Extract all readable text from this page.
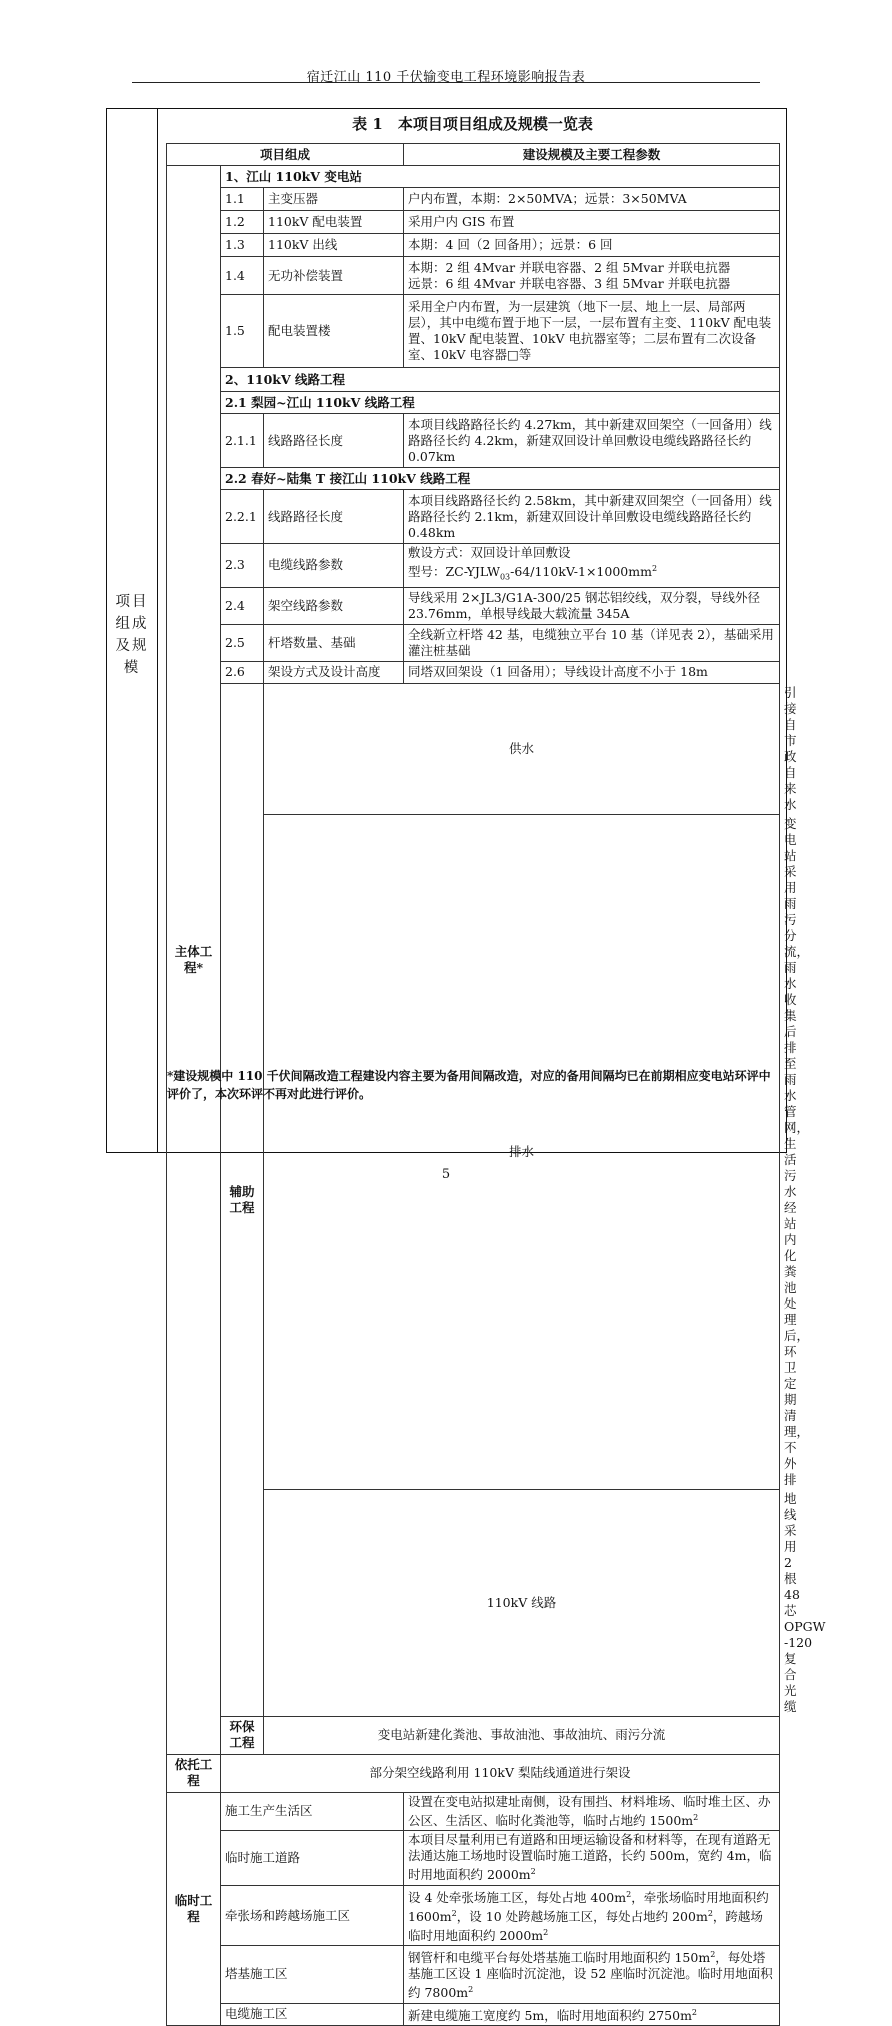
宿迁江山 110 千伏输变电工程环境影响报告表
项目组成及规模
表 1　本项目项目组成及规模一览表
项目组成			建设规模及主要工程参数	
主体工程*	1、江山 110kV 变电站			
	1.1	主变压器	户内布置，本期：2×50MVA；远景：3×50MVA	
	1.2	110kV 配电装置	采用户内 GIS 布置	
	1.3	110kV 出线	本期：4 回（2 回备用）；远景：6 回	
	1.4	无功补偿装置	本期：2 组 4Mvar 并联电容器、2 组 5Mvar 并联电抗器
远景：6 组 4Mvar 并联电容器、3 组 5Mvar 并联电抗器	
	1.5	配电装置楼	采用全户内布置，为一层建筑（地下一层、地上一层、局部两层），其中电缆布置于地下一层，一层布置有主变、110kV 配电装置、10kV 配电装置、10kV 电抗器室等；二层布置有二次设备室、10kV 电容器□等	
	2、110kV 线路工程			
	2.1 梨园~江山 110kV 线路工程			
	2.1.1	线路路径长度	本项目线路路径长约 4.27km，其中新建双回架空（一回备用）线路路径长约 4.2km，新建双回设计单回敷设电缆线路路径长约 0.07km	
	2.2 春好~陆集 T 接江山 110kV 线路工程			
	2.2.1	线路路径长度	本项目线路路径长约 2.58km，其中新建双回架空（一回备用）线路路径长约 2.1km，新建双回设计单回敷设电缆线路路径长约 0.48km	
	2.3	电缆线路参数	敷设方式：双回设计单回敷设
型号：$ZC-YJLW_{03}-64/110kV-1\times 1000mm^2$
	2.4	架空线路参数	导线采用 2×JL3/G1A-300/25 钢芯铝绞线，双分裂，导线外径 23.76mm，单根导线最大载流量 345A	
	2.5	杆塔数量、基础	全线新立杆塔 42 基，电缆独立平台 10 基（详见表 2），基础采用灌注桩基础	
	2.6	架设方式及设计高度	同塔双回架设（1 回备用）；导线设计高度不小于 18m	
	辅助工程	供水		引接自市政自来水
		排水		变电站采用雨污分流，雨水收集后排至雨水管网，生活污水经站内化粪池处理后，环卫定期清理，不外排
		110kV 线路		地线采用 2 根 48 芯 OPGW -120 复合光缆
	环保工程	变电站新建化粪池、事故油池、事故油坑、雨污分流		
依托工程	部分架空线路利用 110kV 梨陆线通道进行架设			
临时工程	施工生产生活区		设置在变电站拟建址南侧，设有围挡、材料堆场、临时堆土区、办公区、生活区、临时化粪池等，临时占地约 $1500m^2$
	临时施工道路		本项目尽量利用已有道路和田埂运输设备和材料等，在现有道路无法通达施工场地时设置临时施工道路，长约 500m，宽约 4m，临时用地面积约 $2000m^2$
	牵张场和跨越场施工区		设 4 处牵张场施工区，每处占地 $400m^2$，牵张场临时用地面积约 $1600m^2$，设 10 处跨越场施工区，每处占地约 $200m^2$，跨越场临时用地面积约 $2000m^2$
	塔基施工区		钢管杆和电缆平台每处塔基施工临时用地面积约 $150m^2$，每处塔基施工区设 1 座临时沉淀池，设 52 座临时沉淀池。临时用地面积约 $7800m^2$
	电缆施工区		新建电缆施工宽度约 5m，临时用地面积约 $2750m^2$
*建设规模中 110 千伏间隔改造工程建设内容主要为备用间隔改造，对应的备用间隔均已在前期相应变电站环评中评价了，本次环评不再对此进行评价。
5
